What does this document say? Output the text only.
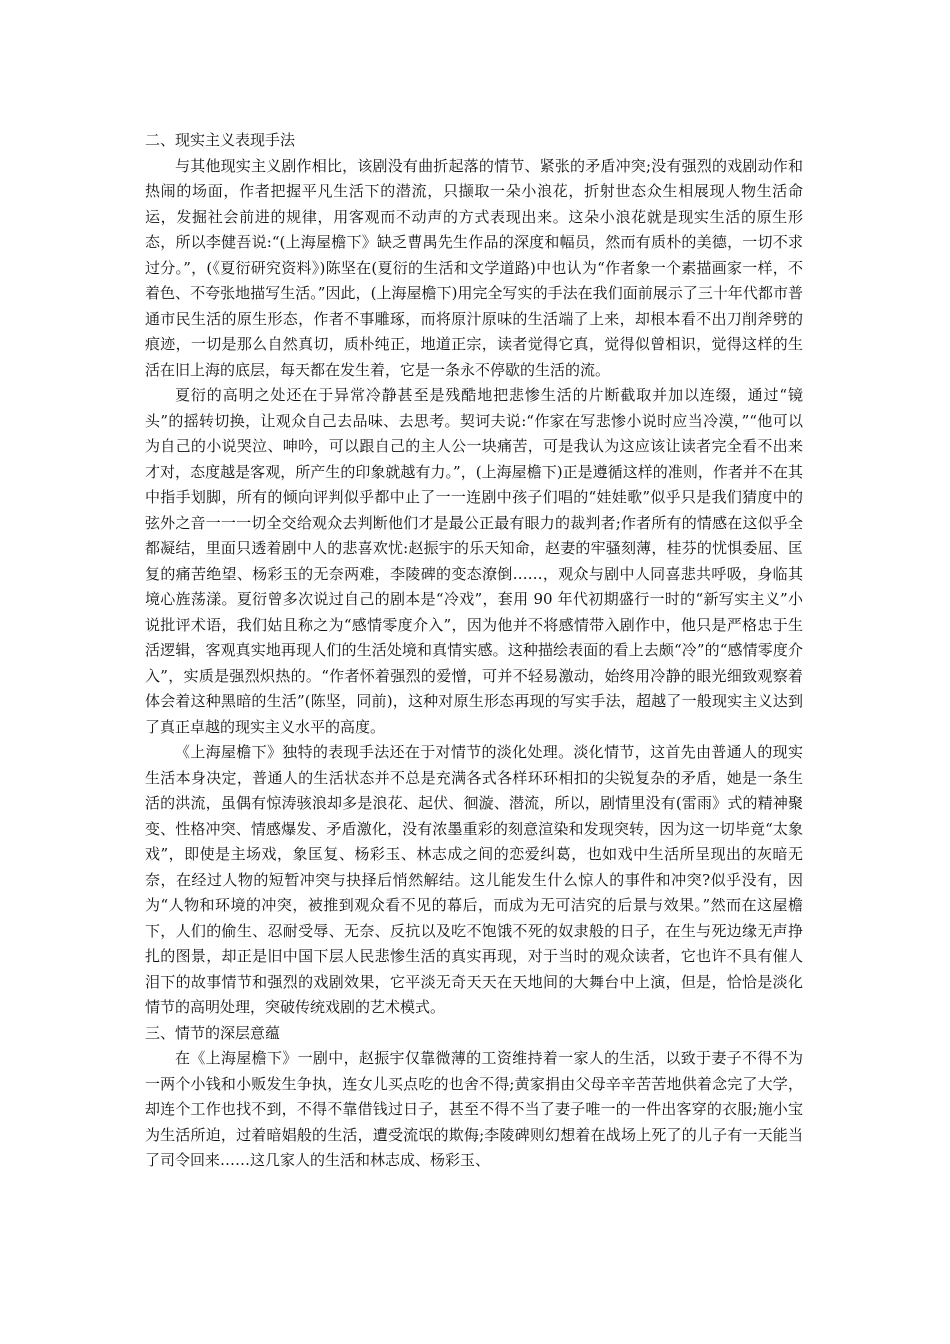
二、现实主义表现手法

与其他现实主义剧作相比，该剧没有曲折起落的情节、紧张的矛盾冲突;没有强烈的戏剧动作和热闹的场面，作者把握平凡生活下的潜流，只撷取一朵小浪花，折射世态众生相展现人物生活命运，发掘社会前进的规律，用客观而不动声的方式表现出来。这朵小浪花就是现实生活的原生形态，所以李健吾说:“(上海屋檐下》缺乏曹禺先生作品的深度和幅员，然而有质朴的美德，一切不求过分。”，(《夏衍研究资料》)陈坚在(夏衍的生活和文学道路)中也认为“作者象一个素描画家一样，不着色、不夸张地描写生活。”因此，(上海屋檐下)用完全写实的手法在我们面前展示了三十年代都市普通市民生活的原生形态，作者不事雕琢，而将原汁原味的生活端了上来，却根本看不出刀削斧劈的痕迹，一切是那么自然真切，质朴纯正，地道正宗，读者觉得它真，觉得似曾相识，觉得这样的生活在旧上海的底层，每天都在发生着，它是一条永不停歇的生活的流。

夏衍的高明之处还在于异常冷静甚至是残酷地把悲惨生活的片断截取并加以连缀，通过“镜头”的摇转切换，让观众自己去品味、去思考。契诃夫说:“作家在写悲惨小说时应当冷漠，”“他可以为自己的小说哭泣、呻吟，可以跟自己的主人公一块痛苦，可是我认为这应该让读者完全看不出来才对，态度越是客观，所产生的印象就越有力。”，(上海屋檐下)正是遵循这样的准则，作者并不在其中指手划脚，所有的倾向评判似乎都中止了一一连剧中孩子们唱的“娃娃歌”似乎只是我们猜度中的弦外之音一一一切全交给观众去判断他们才是最公正最有眼力的裁判者;作者所有的情感在这似乎全都凝结，里面只透着剧中人的悲喜欢忧:赵振宇的乐天知命，赵妻的牢骚刻薄，桂芬的忧惧委屈、匡复的痛苦绝望、杨彩玉的无奈两难，李陵碑的变态潦倒……，观众与剧中人同喜悲共呼吸，身临其境心旌荡漾。夏衍曾多次说过自己的剧本是“冷戏”，套用 90 年代初期盛行一时的“新写实主义”小说批评术语，我们姑且称之为“感情零度介入”，因为他并不将感情带入剧作中，他只是严格忠于生活逻辑，客观真实地再现人们的生活处境和真情实感。这种描绘表面的看上去颇“冷”的“感情零度介入”，实质是强烈炽热的。“作者怀着强烈的爱憎，可并不轻易激动，始终用冷静的眼光细致观察着体会着这种黑暗的生活”(陈坚，同前)，这种对原生形态再现的写实手法，超越了一般现实主义达到了真正卓越的现实主义水平的高度。

《上海屋檐下》独特的表现手法还在于对情节的淡化处理。淡化情节，这首先由普通人的现实生活本身决定，普通人的生活状态并不总是充满各式各样环环相扣的尖锐复杂的矛盾，她是一条生活的洪流，虽偶有惊涛骇浪却多是浪花、起伏、徊漩、潜流，所以，剧情里没有(雷雨》式的精神聚变、性格冲突、情感爆发、矛盾激化，没有浓墨重彩的刻意渲染和发现突转，因为这一切毕竟“太象戏”，即使是主场戏，象匡复、杨彩玉、林志成之间的恋爱纠葛，也如戏中生活所呈现出的灰暗无奈，在经过人物的短暂冲突与抉择后悄然解结。这儿能发生什么惊人的事件和冲突?似乎没有，因为“人物和环境的冲突，被推到观众看不见的幕后，而成为无可洁究的后景与效果。”然而在这屋檐下，人们的偷生、忍耐受辱、无奈、反抗以及吃不饱饿不死的奴隶般的日子，在生与死边缘无声挣扎的图景，却正是旧中国下层人民悲惨生活的真实再现，对于当时的观众读者，它也许不具有催人泪下的故事情节和强烈的戏剧效果，它平淡无奇天天在天地间的大舞台中上演，但是，恰恰是淡化情节的高明处理，突破传统戏剧的艺术模式。

三、情节的深层意蕴

在《上海屋檐下》一剧中，赵振宇仅靠微薄的工资维持着一家人的生活，以致于妻子不得不为一两个小钱和小贩发生争执，连女儿买点吃的也舍不得;黄家捐由父母辛辛苦苦地供着念完了大学，却连个工作也找不到，不得不靠借钱过日子，甚至不得不当了妻子唯一的一件出客穿的衣服;施小宝为生活所迫，过着暗娼般的生活，遭受流氓的欺侮;李陵碑则幻想着在战场上死了的儿子有一天能当了司令回来……这几家人的生活和林志成、杨彩玉、
